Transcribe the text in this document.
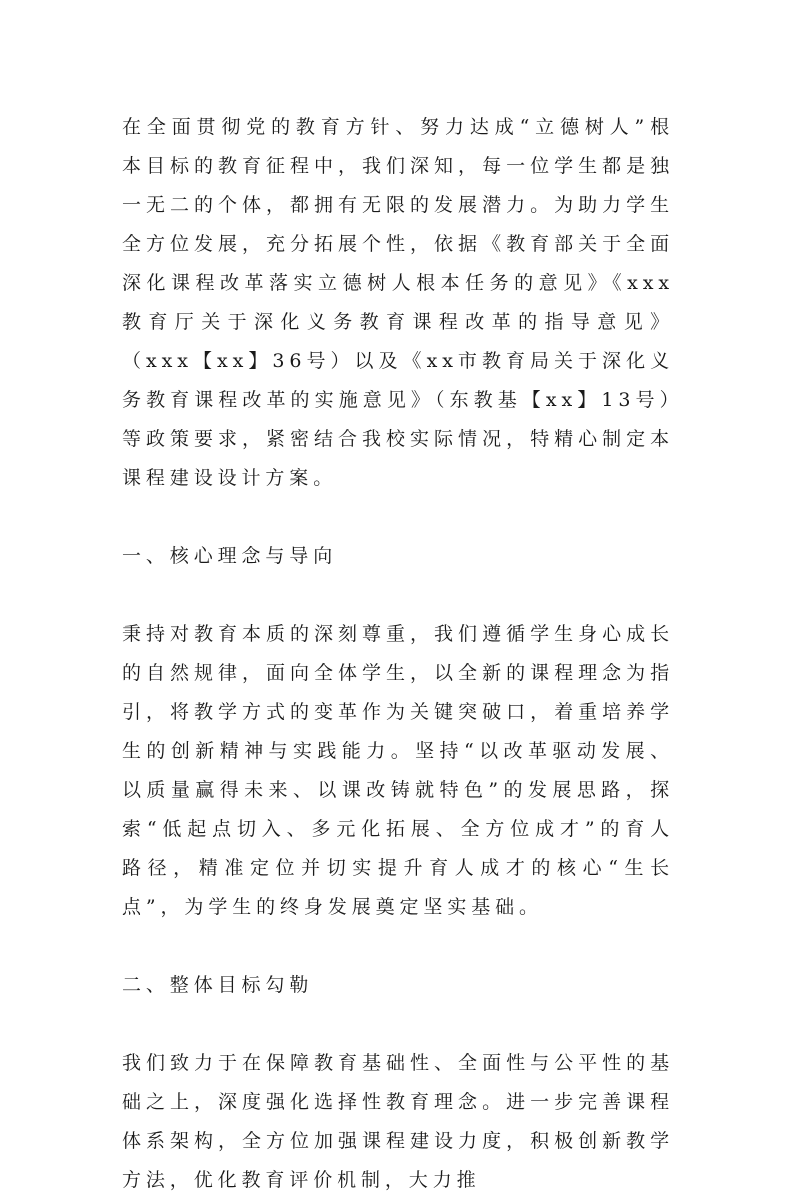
在全面贯彻党的教育方针、努力达成“立德树人”根本目标的教育征程中，我们深知，每一位学生都是独一无二的个体，都拥有无限的发展潜力。为助力学生全方位发展，充分拓展个性，依据《教育部关于全面深化课程改革落实立德树人根本任务的意见》《xxx教育厅关于深化义务教育课程改革的指导意见》（xxx【xx】36号）以及《xx市教育局关于深化义务教育课程改革的实施意见》（东教基【xx】13号）等政策要求，紧密结合我校实际情况，特精心制定本课程建设设计方案。

一、核心理念与导向

秉持对教育本质的深刻尊重，我们遵循学生身心成长的自然规律，面向全体学生，以全新的课程理念为指引，将教学方式的变革作为关键突破口，着重培养学生的创新精神与实践能力。坚持“以改革驱动发展、以质量赢得未来、以课改铸就特色”的发展思路，探索“低起点切入、多元化拓展、全方位成才”的育人路径，精准定位并切实提升育人成才的核心“生长点”，为学生的终身发展奠定坚实基础。

二、整体目标勾勒

我们致力于在保障教育基础性、全面性与公平性的基础之上，深度强化选择性教育理念。进一步完善课程体系架构，全方位加强课程建设力度，积极创新教学方法，优化教育评价机制，大力推
